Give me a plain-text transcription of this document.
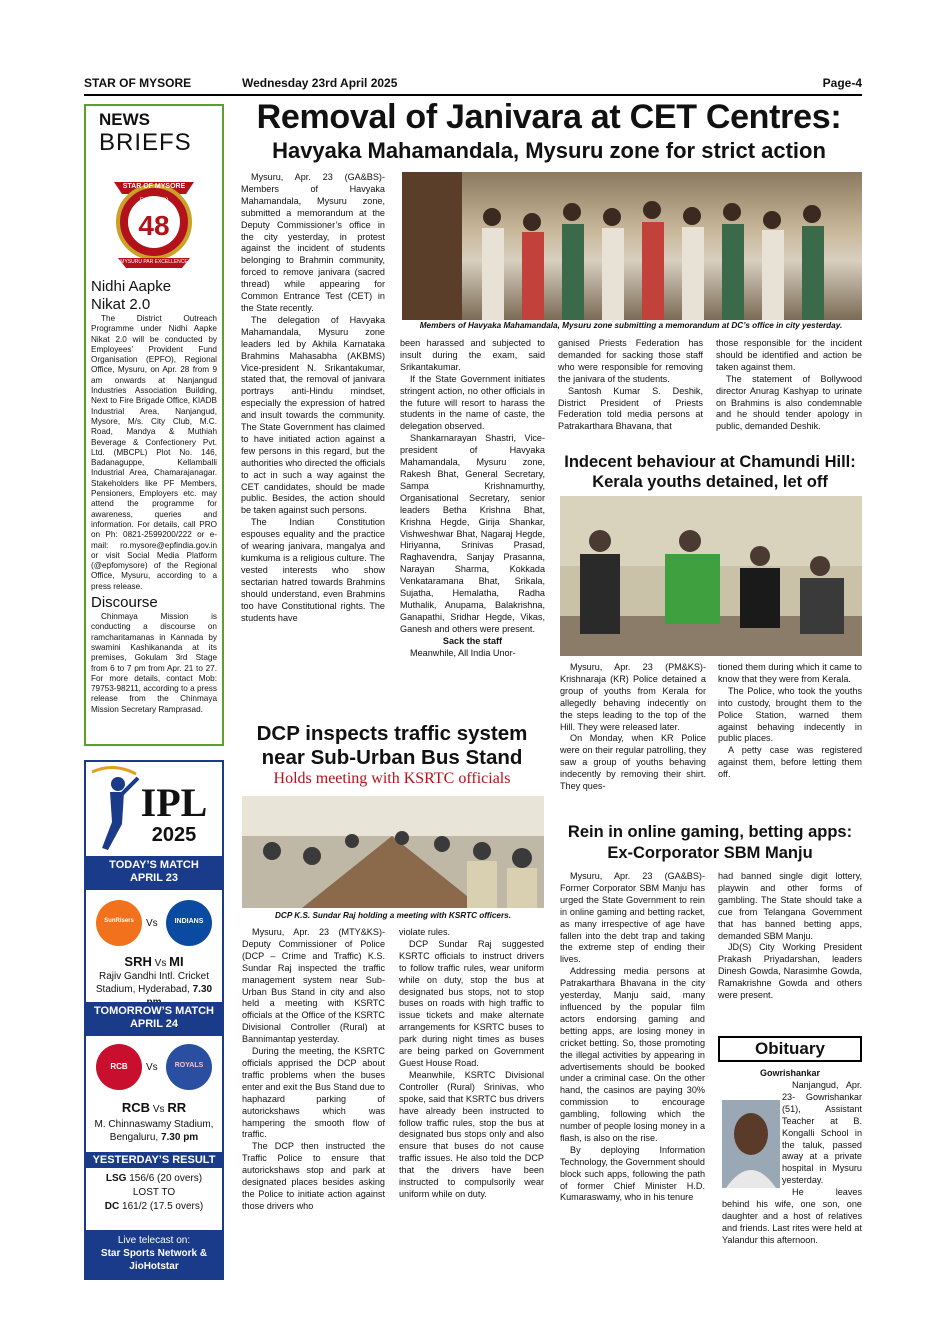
STAR OF MYSORE	Wednesday 23rd April 2025	Page-4
NEWS
BRIEFS
STAR OF MYSORE
Estd. 1978
48
MYSURU PAR EXCELLENCE
Nidhi Aapke
Nikat 2.0

The District Outreach Programme under Nidhi Aapke Nikat 2.0 will be conducted by Employees’ Provident Fund Organisation (EPFO), Regional Office, Mysuru, on Apr. 28 from 9 am onwards at Nanjangud Industries Association Building, Next to Fire Brigade Office, KIADB Industrial Area, Nanjangud, Mysore, M/s. City Club, M.C. Road, Mandya & Muthiah Beverage & Confectionery Pvt. Ltd. (MBCPL) Plot No. 146, Badanaguppe, Kellamballi Industrial Area, Chamarajanagar. Stakeholders like PF Members, Pensioners, Employers etc. may attend the programme for awareness, queries and information. For details, call PRO on Ph: 0821-2599200/222 or e-mail: ro.mysore@epfindia.gov.in or visit Social Media Platform (@epfomysore) of the Regional Office, Mysuru, according to a press release.

Discourse

Chinmaya Mission is conducting a discourse on ramcharitamanas in Kannada by swamini Kashikananda at its premises, Gokulam 3rd Stage from 6 to 7 pm from Apr. 21 to 27. For more details, contact Mob: 79753-98211, according to a press release from the Chinmaya Mission Secretary Ramprasad.

IPL
2025
TODAY’S MATCH
APRIL 23
SunRisers	Vs	INDIANS
SRH Vs MI
Rajiv Gandhi Intl. Cricket Stadium, Hyderabad, 7.30
TOMORROW’S MATCH
APRIL 24
RCB	Vs	ROYALS
RCB Vs RR
M. Chinnaswamy Stadium, Bengaluru, 7.30 pm
YESTERDAY’S RESULT
LSG 156/6 (20 overs)
LOST TO
DC 161/2 (17.5 overs)
Live telecast on:
Star Sports Network &
JioHotstar
Removal of Janivara at CET Centres:
Havyaka Mahamandala, Mysuru zone for strict action
Members of Havyaka Mahamandala, Mysuru zone submitting a memorandum at DC’s office in city yesterday.

Mysuru, Apr. 23 (GA&BS)- Members of Havyaka Mahamandala, Mysuru zone, submitted a memorandum at the Deputy Commissioner’s office in the city yesterday, in protest against the incident of students belonging to Brahmin community, forced to remove janivara (sacred thread) while appearing for Common Entrance Test (CET) in the State recently.

The delegation of Havyaka Mahamandala, Mysuru zone leaders led by Akhila Karnataka Brahmins Mahasabha (AKBMS) Vice-president N. Srikantakumar, stated that, the removal of janivara portrays anti-Hindu mindset, especially the expression of hatred and insult towards the community. The State Government has claimed to have initiated action against a few persons in this regard, but the authorities who directed the officials to act in such a way against the CET candidates, should be made public. Besides, the action should be taken against such persons.

The Indian Constitution espouses equality and the practice of wearing janivara, mangalya and kumkuma is a religious culture. The vested interests who show sectarian hatred towards Brahmins should understand, even Brahmins too have Constitutional rights. The students have

been harassed and subjected to insult during the exam, said Srikantakumar.

If the State Government initiates stringent action, no other officials in the future will resort to harass the students in the name of caste, the delegation observed.

Shankarnarayan Shastri, Vice-president of Havyaka Mahamandala, Mysuru zone, Rakesh Bhat, General Secretary, Sampa Krishnamurthy, Organisational Secretary, senior leaders Betha Krishna Bhat, Krishna Hegde, Girija Shankar, Vishweshwar Bhat, Nagaraj Hegde, Hiriyanna, Srinivas Prasad, Raghavendra, Sanjay Prasanna, Narayan Sharma, Kokkada Venkataramana Bhat, Srikala, Sujatha, Hemalatha, Radha Muthalik, Anupama, Balakrishna, Ganapathi, Sridhar Hegde, Vikas, Ganesh and others were present.

Sack the staff

Meanwhile, All India Unor-

ganised Priests Federation has demanded for sacking those staff who were responsible for removing the janivara of the students.

Santosh Kumar S. Deshik, District President of Priests Federation told media persons at Patrakarthara Bhavana, that

those responsible for the incident should be identified and action be taken against them.

The statement of Bollywood director Anurag Kashyap to urinate on Brahmins is also condemnable and he should tender apology in public, demanded Deshik.

Indecent behaviour at Chamundi Hill:
Kerala youths detained, let off

Mysuru, Apr. 23 (PM&KS)- Krishnaraja (KR) Police detained a group of youths from Kerala for allegedly behaving indecently on the steps leading to the top of the Hill. They were released later.

On Monday, when KR Police were on their regular patrolling, they saw a group of youths behaving indecently by removing their shirt. They ques-

tioned them during which it came to know that they were from Kerala.

The Police, who took the youths into custody, brought them to the Police Station, warned them against behaving indecently in public places.

A petty case was registered against them, before letting them off.

DCP inspects traffic system
near Sub-Urban Bus Stand
Holds meeting with KSRTC officials
DCP K.S. Sundar Raj holding a meeting with KSRTC officers.

Mysuru, Apr. 23 (MTY&KS)- Deputy Commissioner of Police (DCP – Crime and Traffic) K.S. Sundar Raj inspected the traffic management system near Sub-Urban Bus Stand in city and also held a meeting with KSRTC officials at the Office of the KSRTC Divisional Controller (Rural) at Bannimantap yesterday.

During the meeting, the KSRTC officials apprised the DCP about traffic problems when the buses enter and exit the Bus Stand due to haphazard parking of autorickshaws which was hampering the smooth flow of traffic.

The DCP then instructed the Traffic Police to ensure that autorickshaws stop and park at designated places besides asking the Police to initiate action against those drivers who

violate rules.

DCP Sundar Raj suggested KSRTC officials to instruct drivers to follow traffic rules, wear uniform while on duty, stop the bus at designated bus stops, not to stop buses on roads with high traffic to issue tickets and make alternate arrangements for KSRTC buses to park during night times as buses are being parked on Government Guest House Road.

Meanwhile, KSRTC Divisional Controller (Rural) Srinivas, who spoke, said that KSRTC bus drivers have already been instructed to follow traffic rules, stop the bus at designated bus stops only and also ensure that buses do not cause traffic issues. He also told the DCP that the drivers have been instructed to compulsorily wear uniform while on duty.

Rein in online gaming, betting apps:
Ex-Corporator SBM Manju

Mysuru, Apr. 23 (GA&BS)- Former Corporator SBM Manju has urged the State Government to rein in online gaming and betting racket, as many irrespective of age have fallen into the debt trap and taking the extreme step of ending their lives.

Addressing media persons at Patrakarthara Bhavana in the city yesterday, Manju said, many influenced by the popular film actors endorsing gaming and betting apps, are losing money in cricket betting. So, those promoting the illegal activities by appearing in advertisements should be booked under a criminal case. On the other hand, the casinos are paying 30% commission to encourage gambling, following which the number of people losing money in a flash, is also on the rise.

By deploying Information Technology, the Government should block such apps, following the path of former Chief Minister H.D. Kumaraswamy, who in his tenure

had banned single digit lottery, playwin and other forms of gambling. The State should take a cue from Telangana Government that has banned betting apps, demanded SBM Manju.

JD(S) City Working President Prakash Priyadarshan, leaders Dinesh Gowda, Narasimhe Gowda, Ramakrishne Gowda and others were present.

Obituary
Gowrishankar

Nanjangud, Apr. 23- Gowrishankar (51), Assistant Teacher at B. Kongalli School in the taluk, passed away at a private hospital in Mysuru yesterday.

He leaves behind his wife, one son, one daughter and a host of relatives and friends. Last rites were held at Yalandur this afternoon.
